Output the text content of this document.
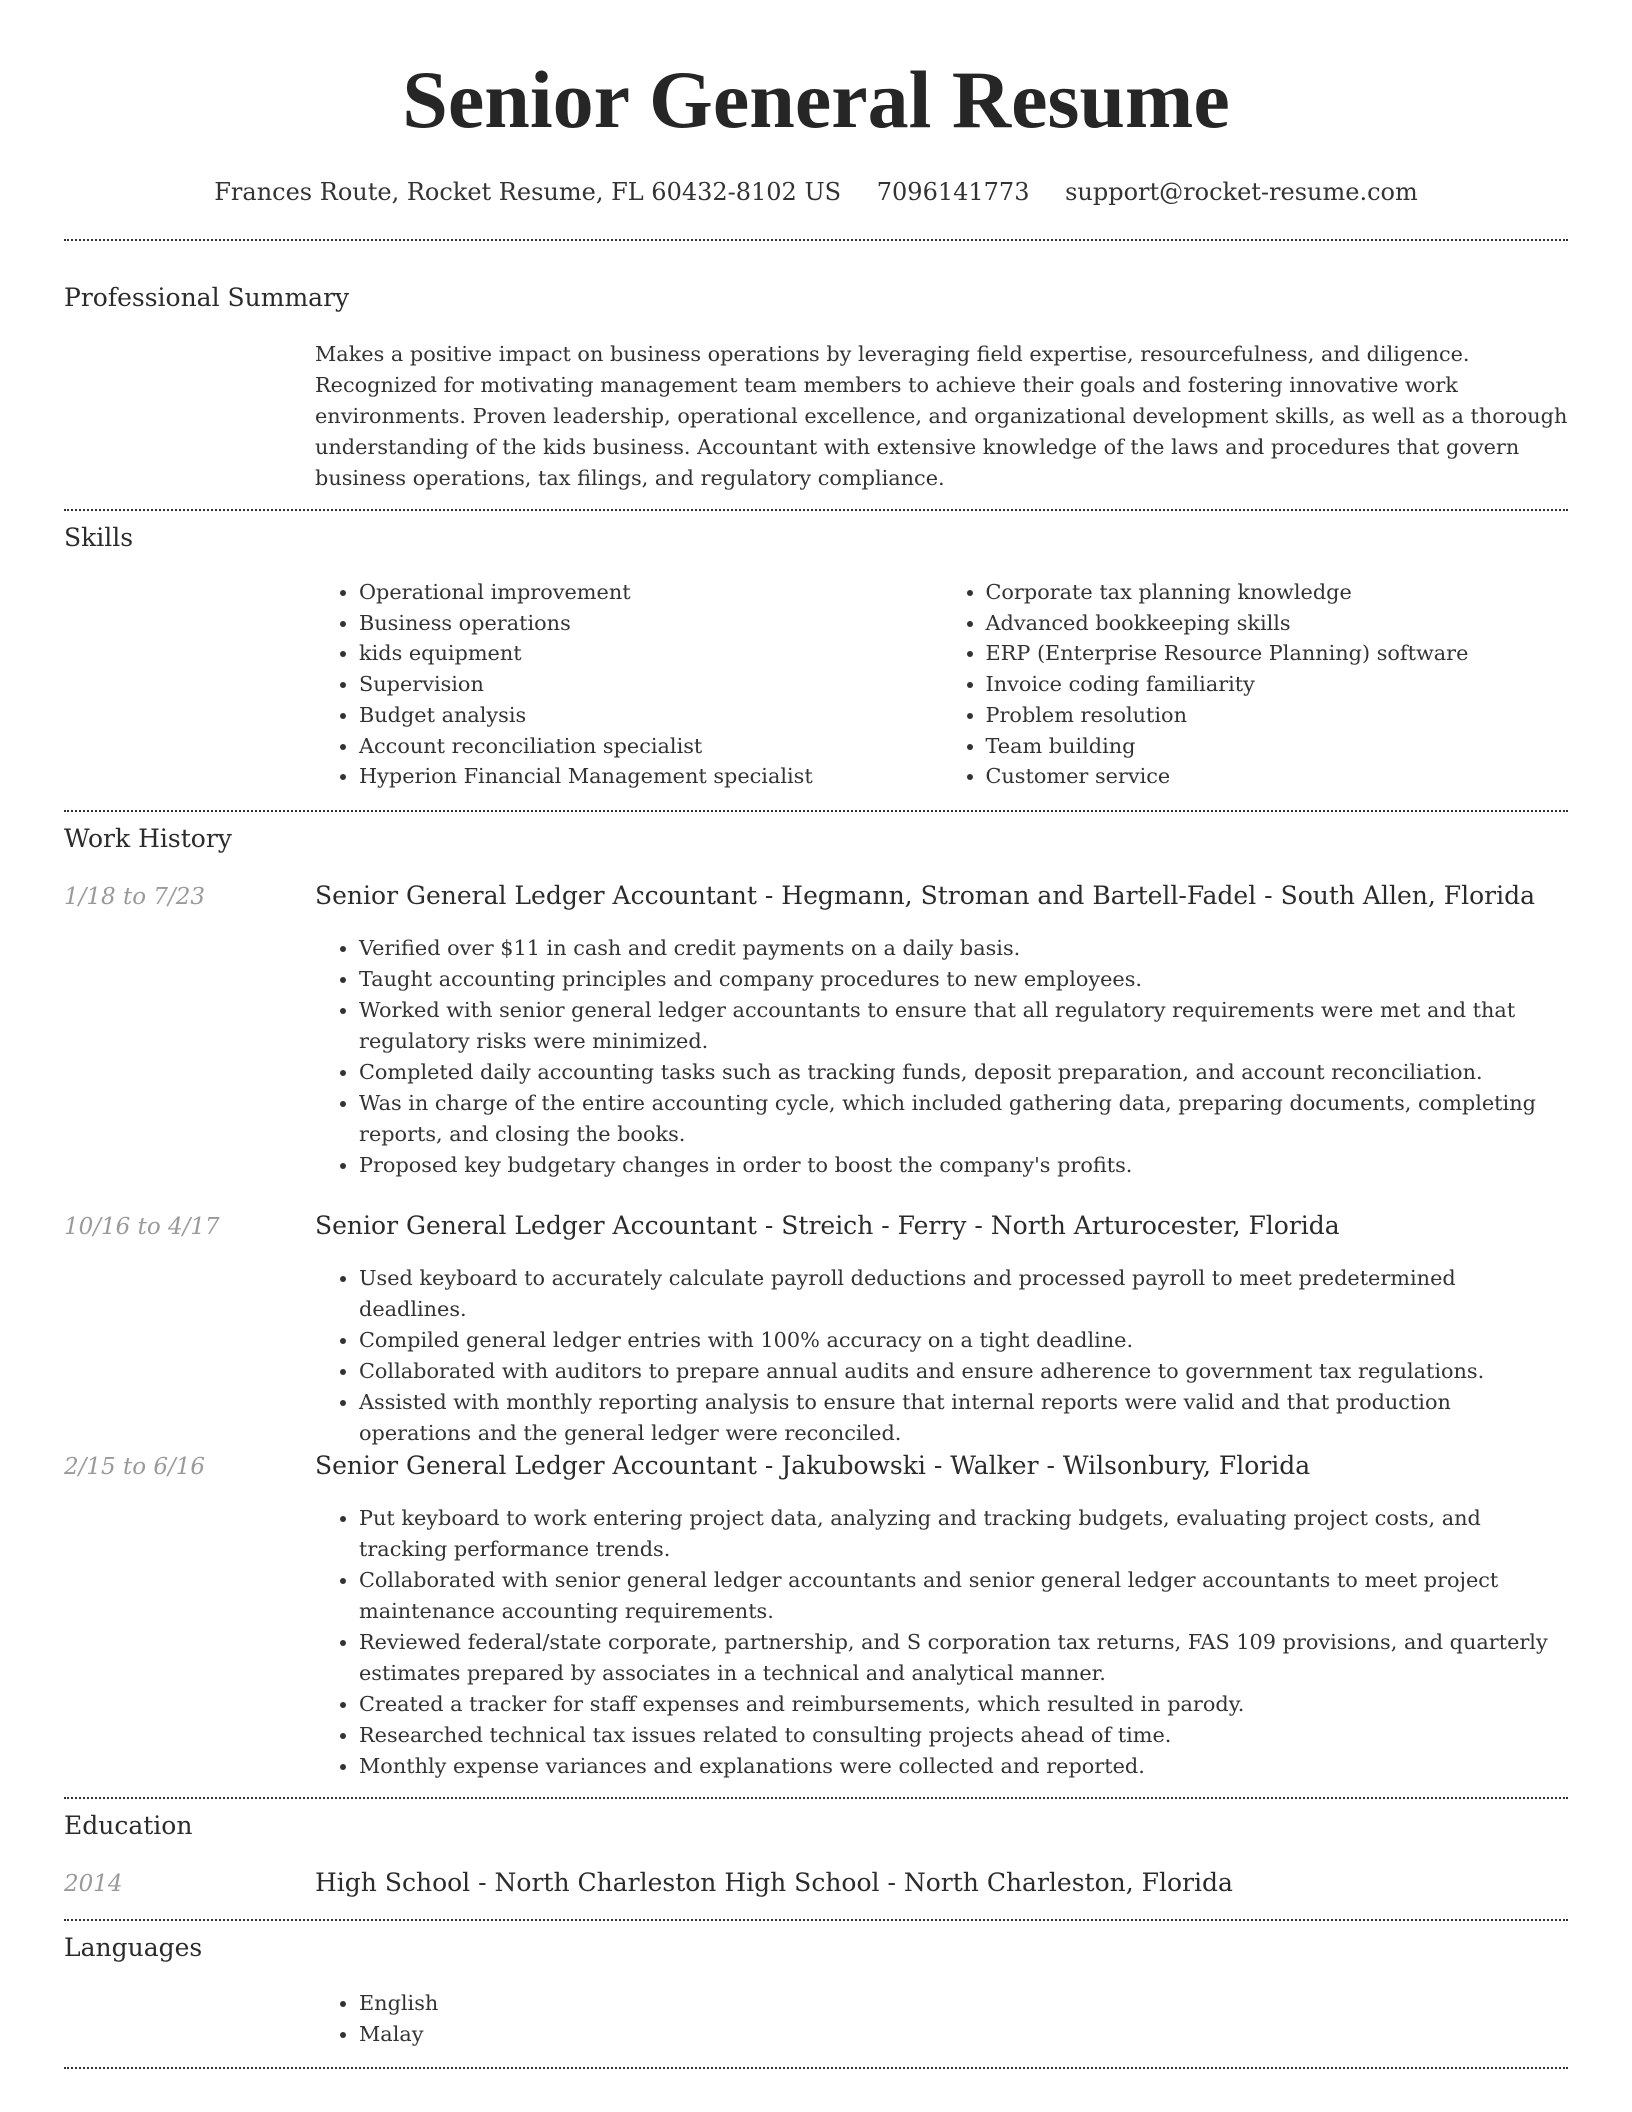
Senior General Resume
Frances Route, Rocket Resume, FL 60432-8102 US 7096141773 support@rocket-resume.com
Professional Summary
Makes a positive impact on business operations by leveraging field expertise, resourcefulness, and diligence. Recognized for motivating management team members to achieve their goals and fostering innovative work environments. Proven leadership, operational excellence, and organizational development skills, as well as a thorough understanding of the kids business. Accountant with extensive knowledge of the laws and procedures that govern business operations, tax filings, and regulatory compliance.
Skills
• Operational improvement
• Business operations
• kids equipment
• Supervision
• Budget analysis
• Account reconciliation specialist
• Hyperion Financial Management specialist
• Corporate tax planning knowledge
• Advanced bookkeeping skills
• ERP (Enterprise Resource Planning) software
• Invoice coding familiarity
• Problem resolution
• Team building
• Customer service
Work History
1/18 to 7/23	Senior General Ledger Accountant - Hegmann, Stroman and Bartell-Fadel - South Allen, Florida
• Verified over $11 in cash and credit payments on a daily basis.
• Taught accounting principles and company procedures to new employees.
• Worked with senior general ledger accountants to ensure that all regulatory requirements were met and that regulatory risks were minimized.
• Completed daily accounting tasks such as tracking funds, deposit preparation, and account reconciliation.
• Was in charge of the entire accounting cycle, which included gathering data, preparing documents, completing reports, and closing the books.
• Proposed key budgetary changes in order to boost the company's profits.
10/16 to 4/17	Senior General Ledger Accountant - Streich - Ferry - North Arturocester, Florida
• Used keyboard to accurately calculate payroll deductions and processed payroll to meet predetermined deadlines.
• Compiled general ledger entries with 100% accuracy on a tight deadline.
• Collaborated with auditors to prepare annual audits and ensure adherence to government tax regulations.
• Assisted with monthly reporting analysis to ensure that internal reports were valid and that production operations and the general ledger were reconciled.
2/15 to 6/16	Senior General Ledger Accountant - Jakubowski - Walker - Wilsonbury, Florida
• Put keyboard to work entering project data, analyzing and tracking budgets, evaluating project costs, and tracking performance trends.
• Collaborated with senior general ledger accountants and senior general ledger accountants to meet project maintenance accounting requirements.
• Reviewed federal/state corporate, partnership, and S corporation tax returns, FAS 109 provisions, and quarterly estimates prepared by associates in a technical and analytical manner.
• Created a tracker for staff expenses and reimbursements, which resulted in parody.
• Researched technical tax issues related to consulting projects ahead of time.
• Monthly expense variances and explanations were collected and reported.
Education
2014	High School - North Charleston High School - North Charleston, Florida
Languages
• English
• Malay
